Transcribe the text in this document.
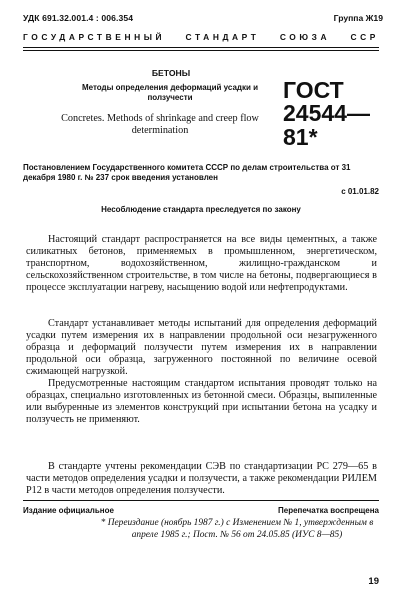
УДК 691.32.001.4 : 006.354	Группа Ж19
ГОСУДАРСТВЕННЫЙ СТАНДАРТ СОЮЗА ССР
БЕТОНЫ
Методы определения деформаций усадки и ползучести
Concretes. Methods of shrinkage and creep flow determination
ГОСТ
24544—81*
Постановлением Государственного комитета СССР по делам строительства от 31 декабря 1980 г. № 237 срок введения установлен
с 01.01.82
Несоблюдение стандарта преследуется по закону

Настоящий стандарт распространяется на все виды цементных, а также силикатных бетонов, применяемых в промышленном, энергетическом, транспортном, водохозяйственном, жилищно-гражданском и сельскохозяйственном строительстве, в том числе на бетоны, подвергающиеся в процессе эксплуатации нагреву, насыщению водой или нефтепродуктами.

Стандарт устанавливает методы испытаний для определения деформаций усадки путем измерения их в направлении продольной оси незагруженного образца и деформаций ползучести путем измерения их в направлении продольной оси образца, загруженного постоянной по величине осевой сжимающей нагрузкой.

Предусмотренные настоящим стандартом испытания проводят только на образцах, специально изготовленных из бетонной смеси. Образцы, выпиленные или выбуренные из элементов конструкций при испытании бетона на усадку и ползучесть не применяют.

В стандарте учтены рекомендации СЭВ по стандартизации PC 279—65 в части методов определения усадки и ползучести, а также рекомендации РИЛЕМ Р12 в части методов определения ползучести.

Издание официальное	Перепечатка воспрещена

* Переиздание (ноябрь 1987 г.) с Изменением № 1, утвержденным в апреле 1985 г.; Пост. № 56 от 24.05.85 (ИУС 8—85)

19
